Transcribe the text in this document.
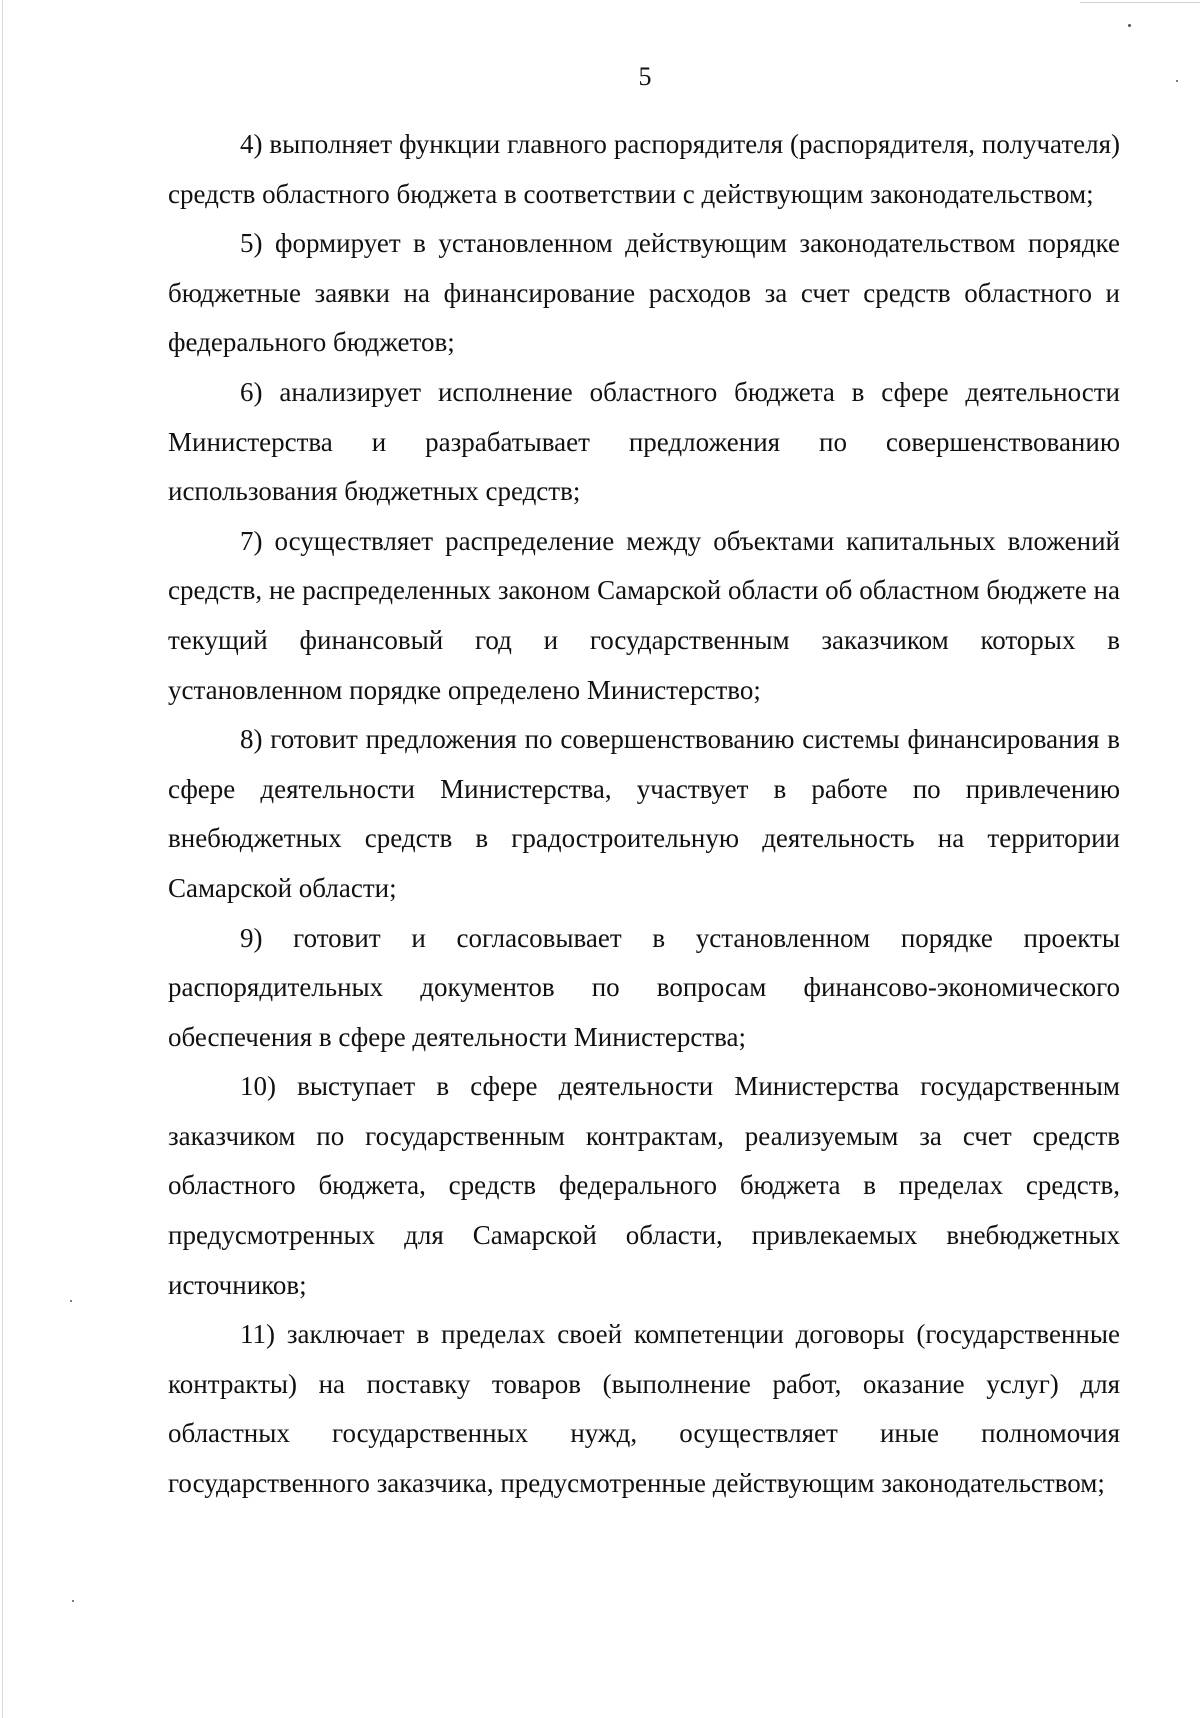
5

4) выполняет функции главного распорядителя (распорядителя, получателя) средств областного бюджета в соответствии с действующим законодательством;

5) формирует в установленном действующим законодательством порядке бюджетные заявки на финансирование расходов за счет средств областного и федерального бюджетов;

6) анализирует исполнение областного бюджета в сфере деятельности Министерства и разрабатывает предложения по совершенствованию использования бюджетных средств;

7) осуществляет распределение между объектами капитальных вложений средств, не распределенных законом Самарской области об областном бюджете на текущий финансовый год и государственным заказчиком которых в установленном порядке определено Министерство;

8) готовит предложения по совершенствованию системы финансирования в сфере деятельности Министерства, участвует в работе по привлечению внебюджетных средств в градостроительную деятельность на территории Самарской области;

9) готовит и согласовывает в установленном порядке проекты распорядительных документов по вопросам финансово-экономического обеспечения в сфере деятельности Министерства;

10) выступает в сфере деятельности Министерства государственным заказчиком по государственным контрактам, реализуемым за счет средств областного бюджета, средств федерального бюджета в пределах средств, предусмотренных для Самарской области, привлекаемых внебюджетных источников;

11) заключает в пределах своей компетенции договоры (государственные контракты) на поставку товаров (выполнение работ, оказание услуг) для областных государственных нужд, осуществляет иные полномочия государственного заказчика, предусмотренные действующим законодательством;
